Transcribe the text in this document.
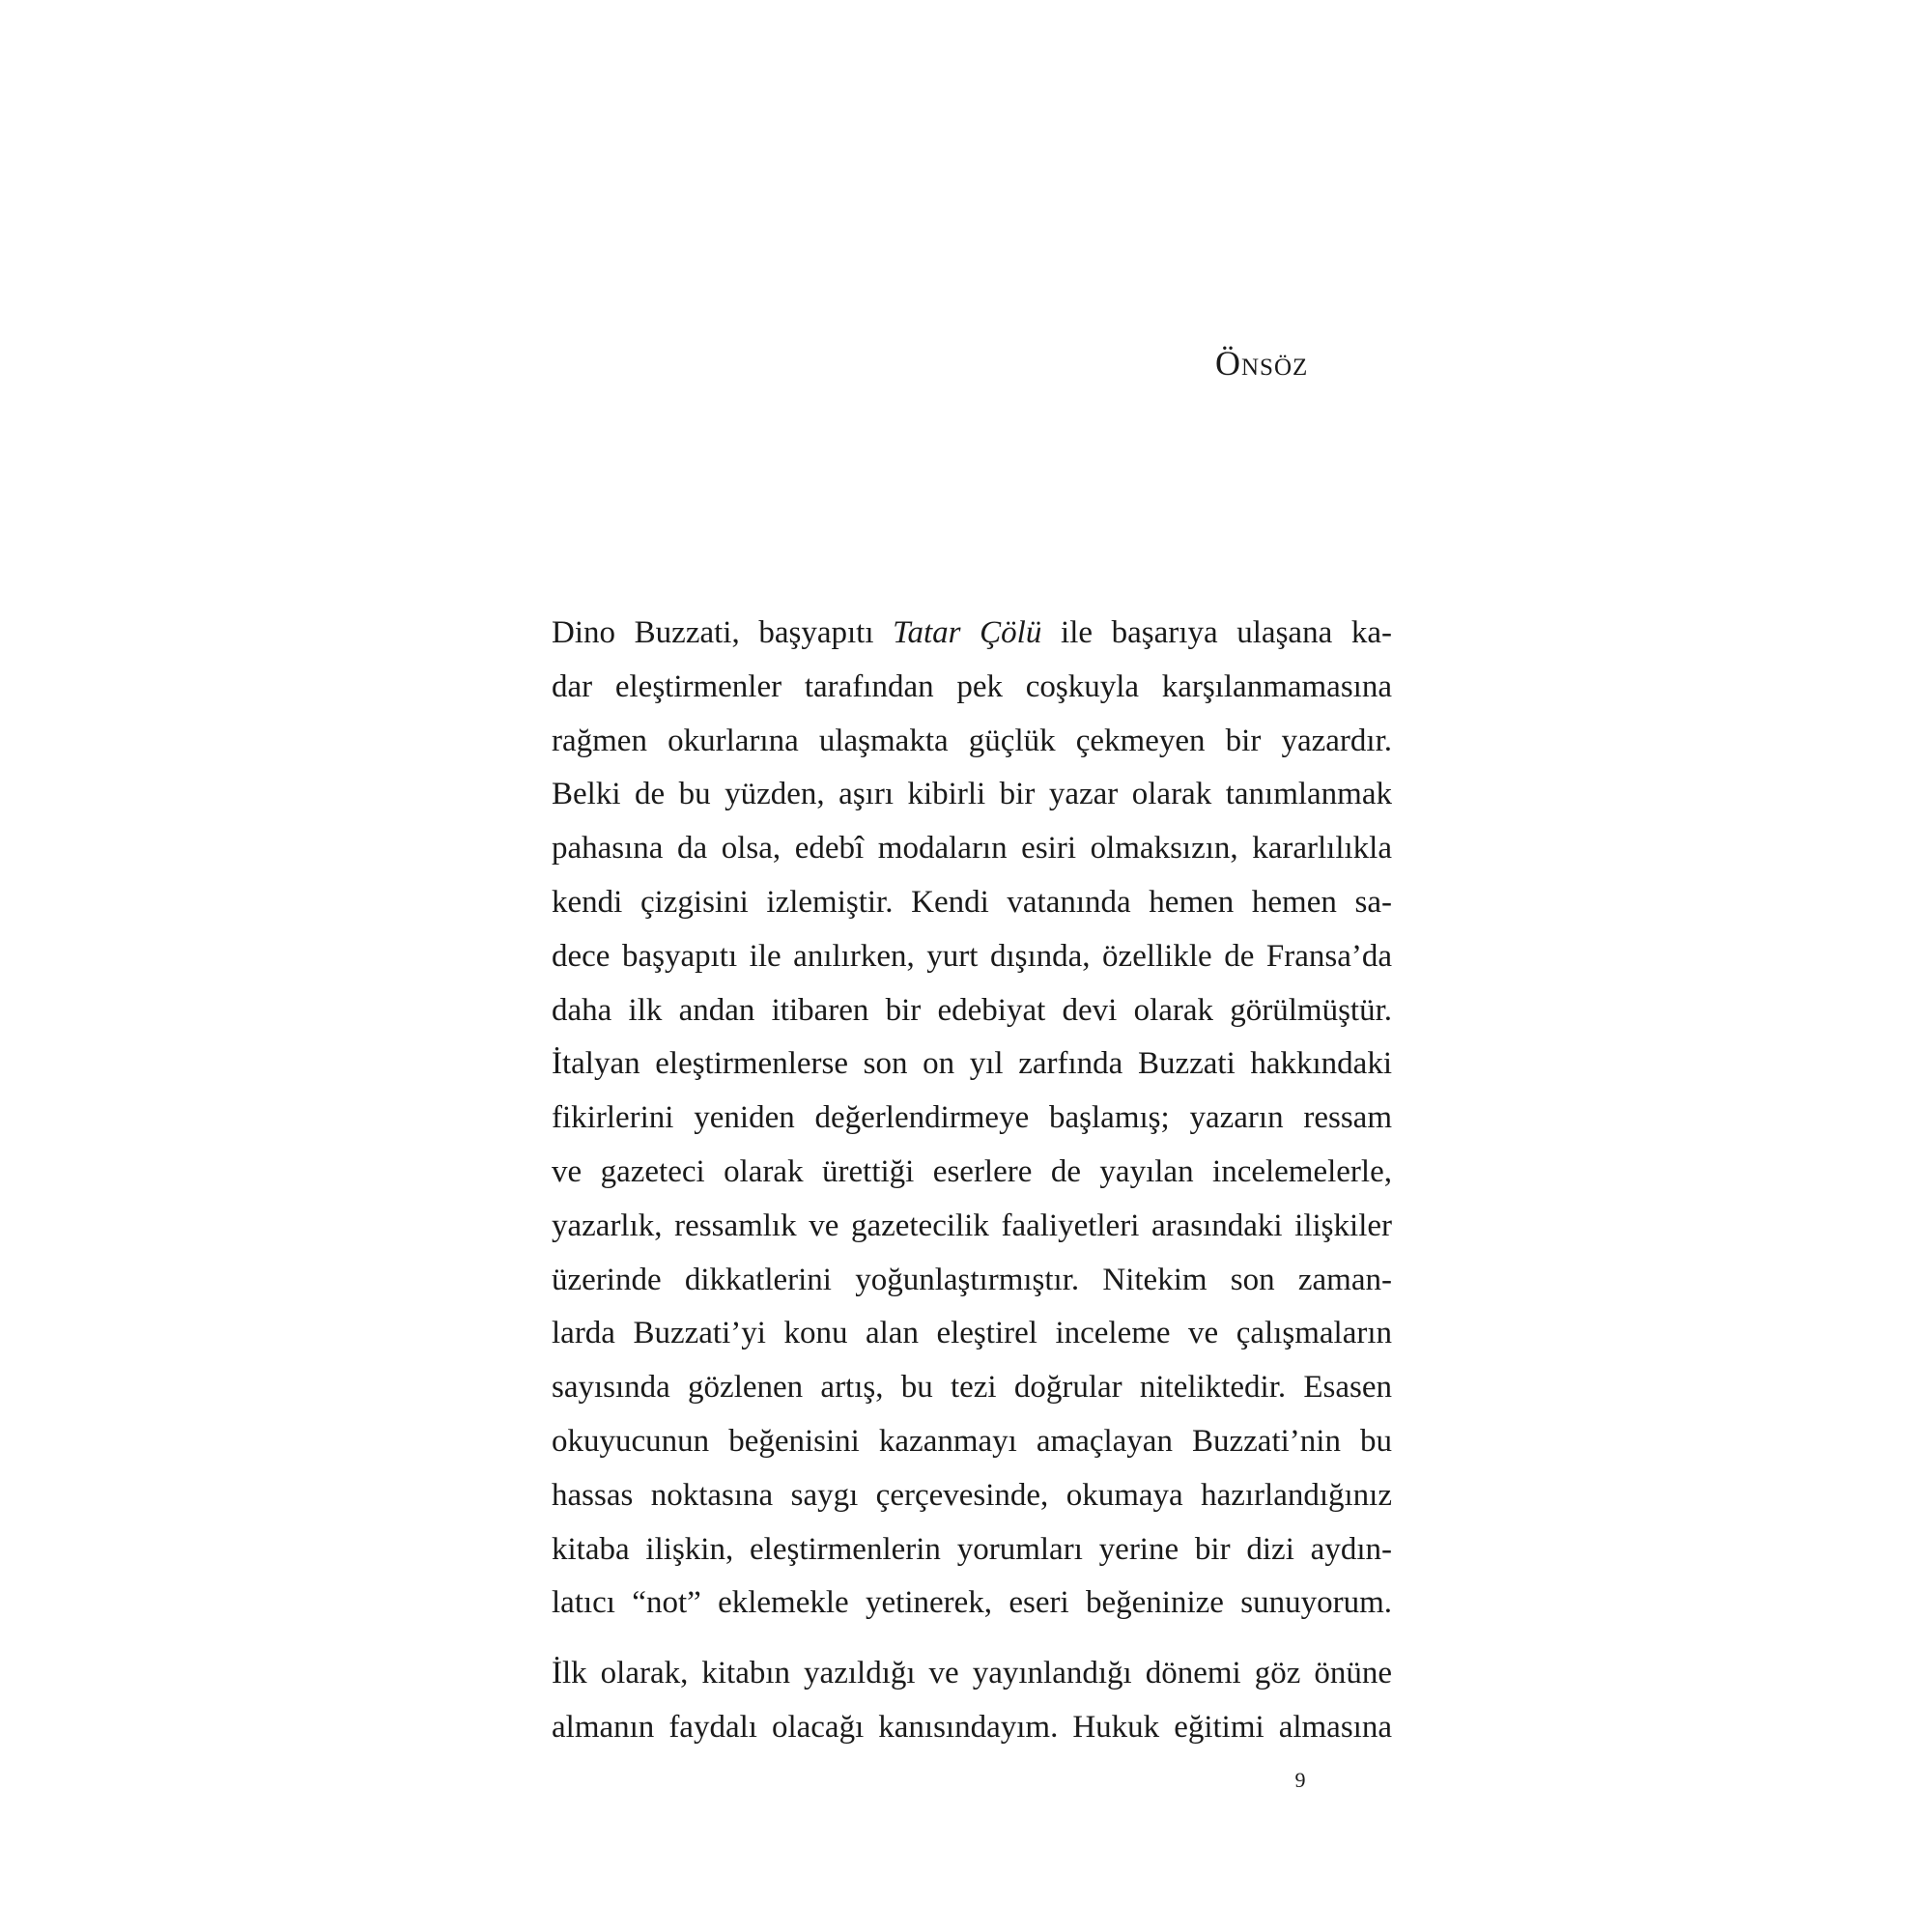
Önsöz
Dino Buzzati, başyapıtı Tatar Çölü ile başarıya ulaşana ka-
dar eleştirmenler tarafından pek coşkuyla karşılanmamasına
rağmen okurlarına ulaşmakta güçlük çekmeyen bir yazardır.
Belki de bu yüzden, aşırı kibirli bir yazar olarak tanımlanmak
pahasına da olsa, edebî modaların esiri olmaksızın, kararlılıkla
kendi çizgisini izlemiştir. Kendi vatanında hemen hemen sa-
dece başyapıtı ile anılırken, yurt dışında, özellikle de Fransa’da
daha ilk andan itibaren bir edebiyat devi olarak görülmüştür.
İtalyan eleştirmenlerse son on yıl zarfında Buzzati hakkındaki
fikirlerini yeniden değerlendirmeye başlamış; yazarın ressam
ve gazeteci olarak ürettiği eserlere de yayılan incelemelerle,
yazarlık, ressamlık ve gazetecilik faaliyetleri arasındaki ilişkiler
üzerinde dikkatlerini yoğunlaştırmıştır. Nitekim son zaman-
larda Buzzati’yi konu alan eleştirel inceleme ve çalışmaların
sayısında gözlenen artış, bu tezi doğrular niteliktedir. Esasen
okuyucunun beğenisini kazanmayı amaçlayan Buzzati’nin bu
hassas noktasına saygı çerçevesinde, okumaya hazırlandığınız
kitaba ilişkin, eleştirmenlerin yorumları yerine bir dizi aydın-
latıcı “not” eklemekle yetinerek, eseri beğeninize sunuyorum.
İlk olarak, kitabın yazıldığı ve yayınlandığı dönemi göz önüne
almanın faydalı olacağı kanısındayım. Hukuk eğitimi almasına
9
